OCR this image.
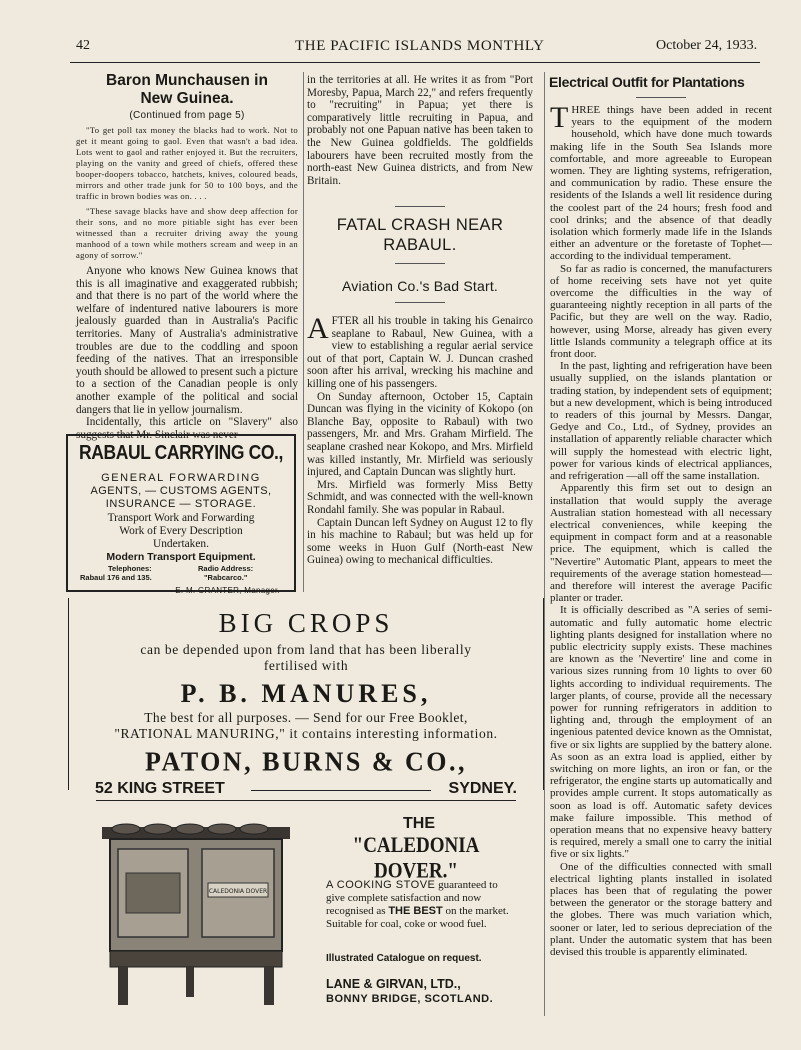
42	THE PACIFIC ISLANDS MONTHLY	October 24, 1933.
Baron Munchausen in
New Guinea.
(Continued from page 5)

"To get poll tax money the blacks had to work. Not to get it meant going to gaol. Even that wasn't a bad idea. Lots went to gaol and rather enjoyed it. But the recruiters, playing on the vanity and greed of chiefs, offered these booper-doopers tobacco, hatchets, knives, coloured beads, mirrors and other trade junk for 50 to 100 boys, and the traffic in brown bodies was on. . . .

"These savage blacks have and show deep affection for their sons, and no more pitiable sight has ever been witnessed than a recruiter driving away the young manhood of a town while mothers scream and weep in an agony of sorrow."

Anyone who knows New Guinea knows that this is all imaginative and exaggerated rubbish; and that there is no part of the world where the welfare of indentured native labourers is more jealously guarded than in Australia's Pacific territories. Many of Australia's administrative troubles are due to the coddling and spoon feeding of the natives. That an irresponsible youth should be allowed to present such a picture to a section of the Canadian people is only another example of the political and social dangers that lie in yellow journalism.

Incidentally, this article on "Slavery" also suggests that Mr. Sinclair was never

RABAUL CARRYING CO.,
GENERAL FORWARDING
AGENTS, — CUSTOMS AGENTS,
INSURANCE — STORAGE.
Transport Work and Forwarding
Work of Every Description
Undertaken.
Modern Transport Equipment.
Telephones:
Rabaul 176 and 135.
Radio Address:
"Rabcarco."
E. M. GRANTER, Manager.

in the territories at all. He writes it as from "Port Moresby, Papua, March 22," and refers frequently to "recruiting" in Papua; yet there is comparatively little recruiting in Papua, and probably not one Papuan native has been taken to the New Guinea goldfields. The goldfields labourers have been recruited mostly from the north-east New Guinea districts, and from New Britain.

FATAL CRASH NEAR
RABAUL.
Aviation Co.'s Bad Start.

AFTER all his trouble in taking his Genairco seaplane to Rabaul, New Guinea, with a view to establishing a regular aerial service out of that port, Captain W. J. Duncan crashed soon after his arrival, wrecking his machine and killing one of his passengers.

On Sunday afternoon, October 15, Captain Duncan was flying in the vicinity of Kokopo (on Blanche Bay, opposite to Rabaul) with two passengers, Mr. and Mrs. Graham Mirfield. The seaplane crashed near Kokopo, and Mrs. Mirfield was killed instantly, Mr. Mirfield was seriously injured, and Captain Duncan was slightly hurt.

Mrs. Mirfield was formerly Miss Betty Schmidt, and was connected with the well-known Rondahl family. She was popular in Rabaul.

Captain Duncan left Sydney on August 12 to fly in his machine to Rabaul; but was held up for some weeks in Huon Gulf (North-east New Guinea) owing to mechanical difficulties.

Electrical Outfit for Plantations

THREE things have been added in recent years to the equipment of the modern household, which have done much towards making life in the South Sea Islands more comfortable, and more agreeable to European women. They are lighting systems, refrigeration, and communication by radio. These ensure the residents of the Islands a well lit residence during the coolest part of the 24 hours; fresh food and cool drinks; and the absence of that deadly isolation which formerly made life in the Islands either an adventure or the foretaste of Tophet—according to the individual temperament.

So far as radio is concerned, the manufacturers of home receiving sets have not yet quite overcome the difficulties in the way of guaranteeing nightly reception in all parts of the Pacific, but they are well on the way. Radio, however, using Morse, already has given every little Islands community a telegraph office at its front door.

In the past, lighting and refrigeration have been usually supplied, on the islands plantation or trading station, by independent sets of equipment; but a new development, which is being introduced to readers of this journal by Messrs. Dangar, Gedye and Co., Ltd., of Sydney, provides an installation of apparently reliable character which will supply the homestead with electric light, power for various kinds of electrical appliances, and refrigeration —all off the same installation.

Apparently this firm set out to design an installation that would supply the average Australian station homestead with all necessary electrical conveniences, while keeping the equipment in compact form and at a reasonable price. The equipment, which is called the "Nevertire" Automatic Plant, appears to meet the requirements of the average station homestead—and therefore will interest the average Pacific planter or trader.

It is officially described as "A series of semi-automatic and fully automatic home electric lighting plants designed for installation where no public electricity supply exists. These machines are known as the 'Nevertire' line and come in various sizes running from 10 lights to over 60 lights according to individual requirements. The larger plants, of course, provide all the necessary power for running refrigerators in addition to lighting and, through the employment of an ingenious patented device known as the Omnistat, five or six lights are supplied by the battery alone. As soon as an extra load is applied, either by switching on more lights, an iron or fan, or the refrigerator, the engine starts up automatically and provides ample current. It stops automatically as soon as load is off. Automatic safety devices make failure impossible. This method of operation means that no expensive heavy battery is required, merely a small one to carry the initial five or six lights."

One of the difficulties connected with small electrical lighting plants installed in isolated places has been that of regulating the power between the generator or the storage battery and the globes. There was much variation which, sooner or later, led to serious depreciation of the plant. Under the automatic system that has been devised this trouble is apparently eliminated.

BIG CROPS
can be depended upon from land that has been liberally
fertilised with
P. B. MANURES,
The best for all purposes. — Send for our Free Booklet,
"RATIONAL MANURING," it contains interesting information.
PATON, BURNS & CO.,
52 KING STREET	SYDNEY.
CALEDONIA DOVER
THE
"CALEDONIA DOVER."

A COOKING STOVE guaranteed to give complete satisfaction and now recognised as THE BEST on the market. Suitable for coal, coke or wood fuel.

Illustrated Catalogue on request.
LANE & GIRVAN, LTD.,
BONNY BRIDGE, SCOTLAND.
